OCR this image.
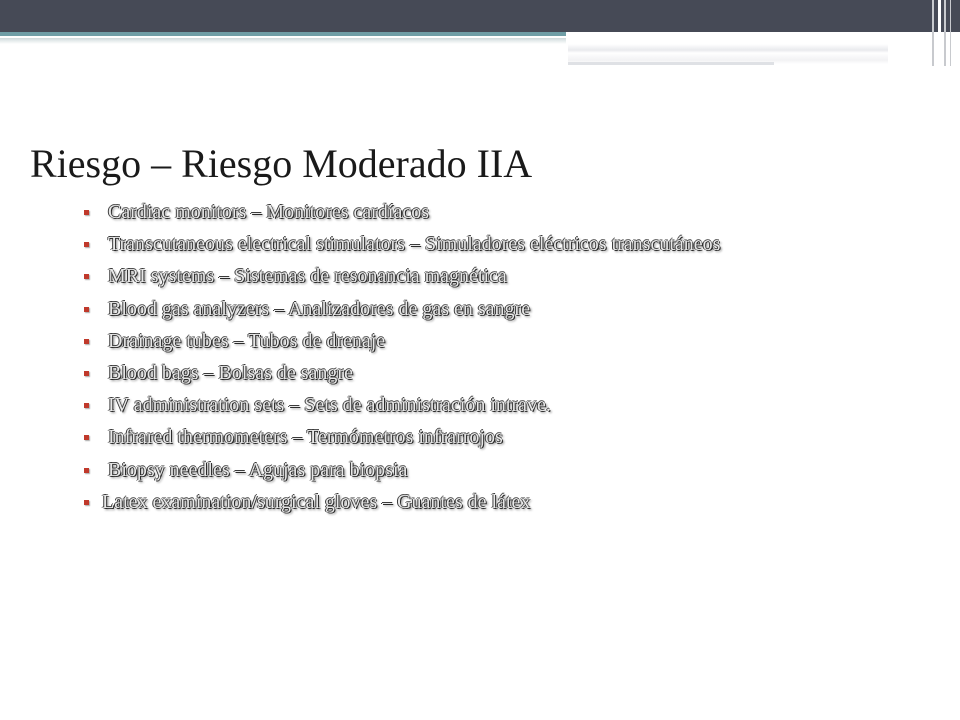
Riesgo – Riesgo Moderado IIA
Cardiac monitors – Monitores cardíacos
Transcutaneous electrical stimulators – Simuladores eléctricos transcutáneos
MRI systems – Sistemas de resonancia magnética
Blood gas analyzers – Analizadores de gas en sangre
Drainage tubes – Tubos de drenaje
Blood bags – Bolsas de sangre
IV administration sets – Sets de administración intrave.
Infrared thermometers – Termómetros infrarrojos
Biopsy needles – Agujas para biopsia
Latex examination/surgical gloves – Guantes de látex
